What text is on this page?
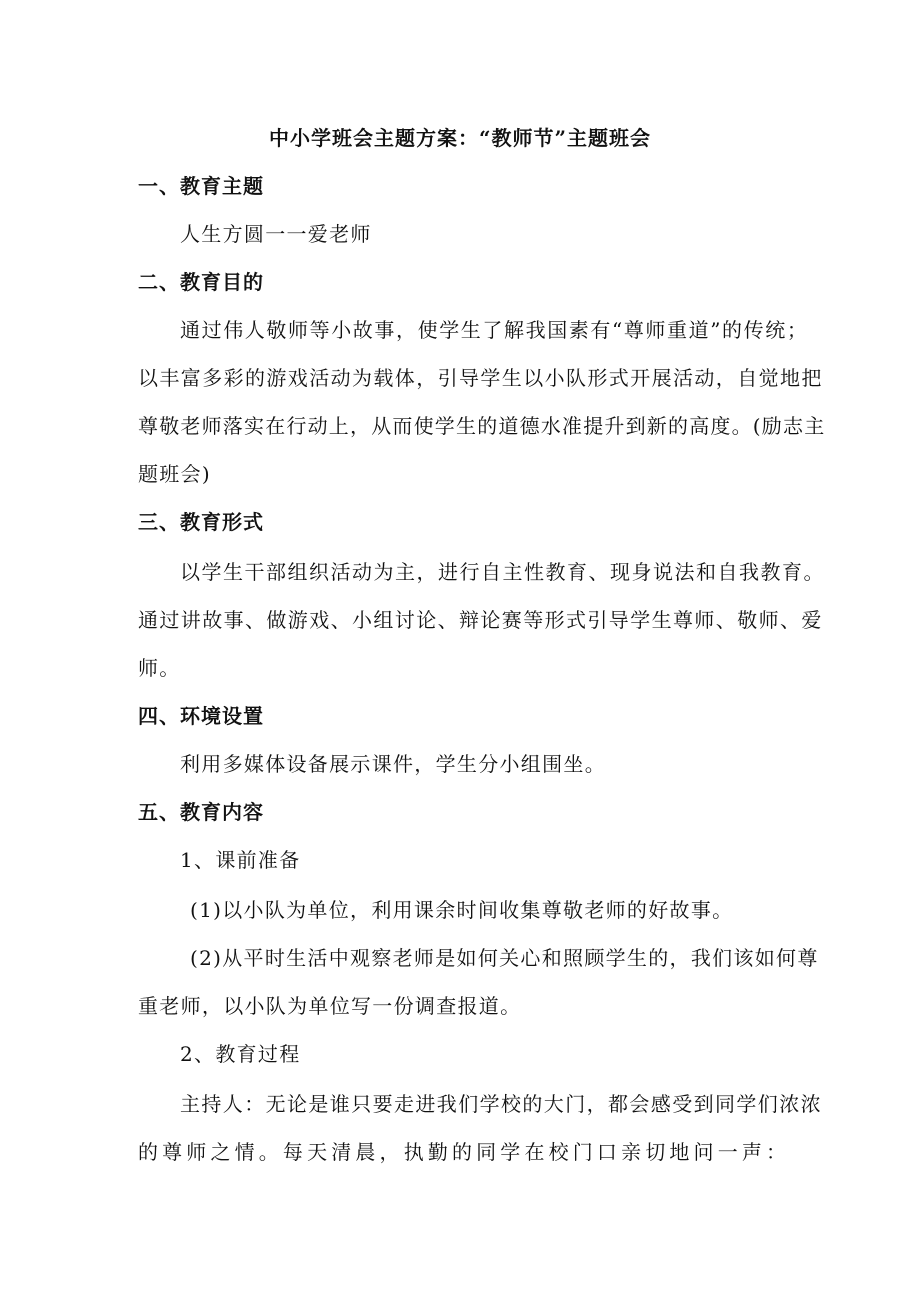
中小学班会主题方案：“教师节”主题班会
一、教育主题
人生方圆一一爱老师
二、教育目的
通过伟人敬师等小故事，使学生了解我国素有“尊师重道”的传统；
以丰富多彩的游戏活动为载体，引导学生以小队形式开展活动，自觉地把
尊敬老师落实在行动上，从而使学生的道德水准提升到新的高度。(励志主
题班会)
三、教育形式
以学生干部组织活动为主，进行自主性教育、现身说法和自我教育。
通过讲故事、做游戏、小组讨论、辩论赛等形式引导学生尊师、敬师、爱
师。
四、环境设置
利用多媒体设备展示课件，学生分小组围坐。
五、教育内容
1、课前准备
(1)以小队为单位，利用课余时间收集尊敬老师的好故事。
(2)从平时生活中观察老师是如何关心和照顾学生的，我们该如何尊
重老师，以小队为单位写一份调查报道。
2、教育过程
主持人：无论是谁只要走进我们学校的大门，都会感受到同学们浓浓
的尊师之情。每天清晨，执勤的同学在校门口亲切地问一声：
